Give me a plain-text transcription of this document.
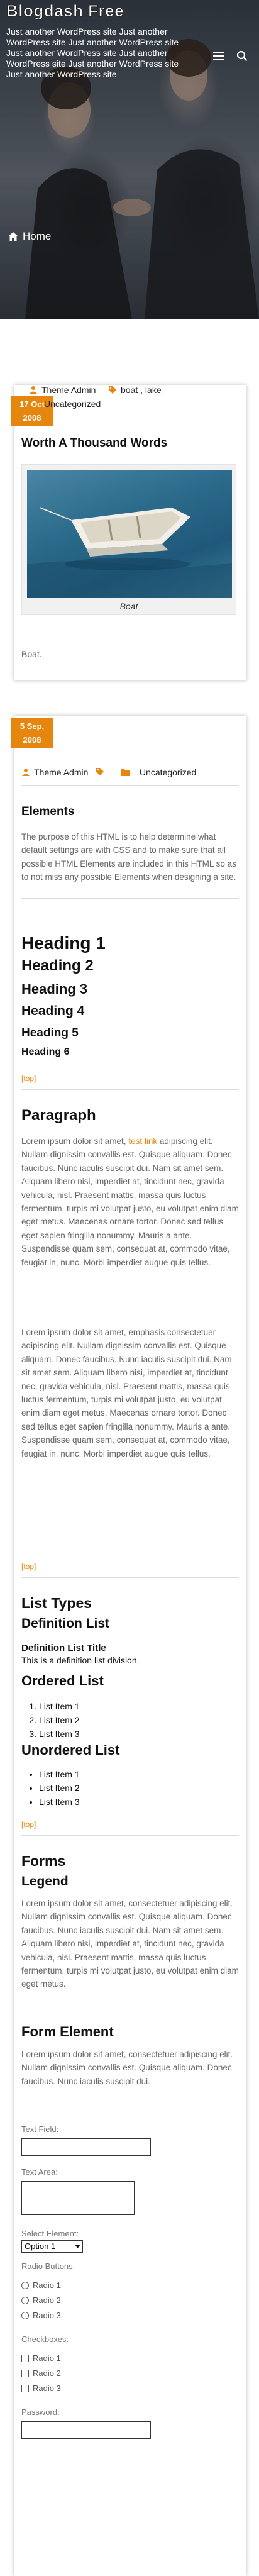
Blogdash Free

Just another WordPress site Just another WordPress site Just another WordPress site Just another WordPress site Just another WordPress site Just another WordPress site Just another WordPress site

Home
17 Oct
2008
Theme Admin	boat , lake
Uncategorized
Worth A Thousand Words
Boat
Boat.
5 Sep,
2008
Theme Admin	Uncategorized
Elements

The purpose of this HTML is to help determine what default settings are with CSS and to make sure that all possible HTML Elements are included in this HTML so as to not miss any possible Elements when designing a site.

Heading 1
Heading 2
Heading 3
Heading 4
Heading 5
Heading 6
[top]
Paragraph

Lorem ipsum dolor sit amet, test link adipiscing elit. Nullam dignissim convallis est. Quisque aliquam. Donec faucibus. Nunc iaculis suscipit dui. Nam sit amet sem. Aliquam libero nisi, imperdiet at, tincidunt nec, gravida vehicula, nisl. Praesent mattis, massa quis luctus fermentum, turpis mi volutpat justo, eu volutpat enim diam eget metus. Maecenas ornare tortor. Donec sed tellus eget sapien fringilla nonummy. Mauris a ante. Suspendisse quam sem, consequat at, commodo vitae, feugiat in, nunc. Morbi imperdiet augue quis tellus.

Lorem ipsum dolor sit amet, emphasis consectetuer adipiscing elit. Nullam dignissim convallis est. Quisque aliquam. Donec faucibus. Nunc iaculis suscipit dui. Nam sit amet sem. Aliquam libero nisi, imperdiet at, tincidunt nec, gravida vehicula, nisl. Praesent mattis, massa quis luctus fermentum, turpis mi volutpat justo, eu volutpat enim diam eget metus. Maecenas ornare tortor. Donec sed tellus eget sapien fringilla nonummy. Mauris a ante. Suspendisse quam sem, consequat at, commodo vitae, feugiat in, nunc. Morbi imperdiet augue quis tellus.

[top]
List Types
Definition List
Definition List Title
This is a definition list division.
Ordered List
1. List Item 1
2. List Item 2
3. List Item 3
Unordered List
• List Item 1
• List Item 2
• List Item 3
[top]
Forms
Legend

Lorem ipsum dolor sit amet, consectetuer adipiscing elit. Nullam dignissim convallis est. Quisque aliquam. Donec faucibus. Nunc iaculis suscipit dui. Nam sit amet sem. Aliquam libero nisi, imperdiet at, tincidunt nec, gravida vehicula, nisl. Praesent mattis, massa quis luctus fermentum, turpis mi volutpat justo, eu volutpat enim diam eget metus.

Form Element

Lorem ipsum dolor sit amet, consectetuer adipiscing elit. Nullam dignissim convallis est. Quisque aliquam. Donec faucibus. Nunc iaculis suscipit dui.

Text Field:
Text Area:
Select Element:
Option 1
Radio Buttons:
Radio 1
Radio 2
Radio 3
Checkboxes:
Radio 1
Radio 2
Radio 3
Password:
